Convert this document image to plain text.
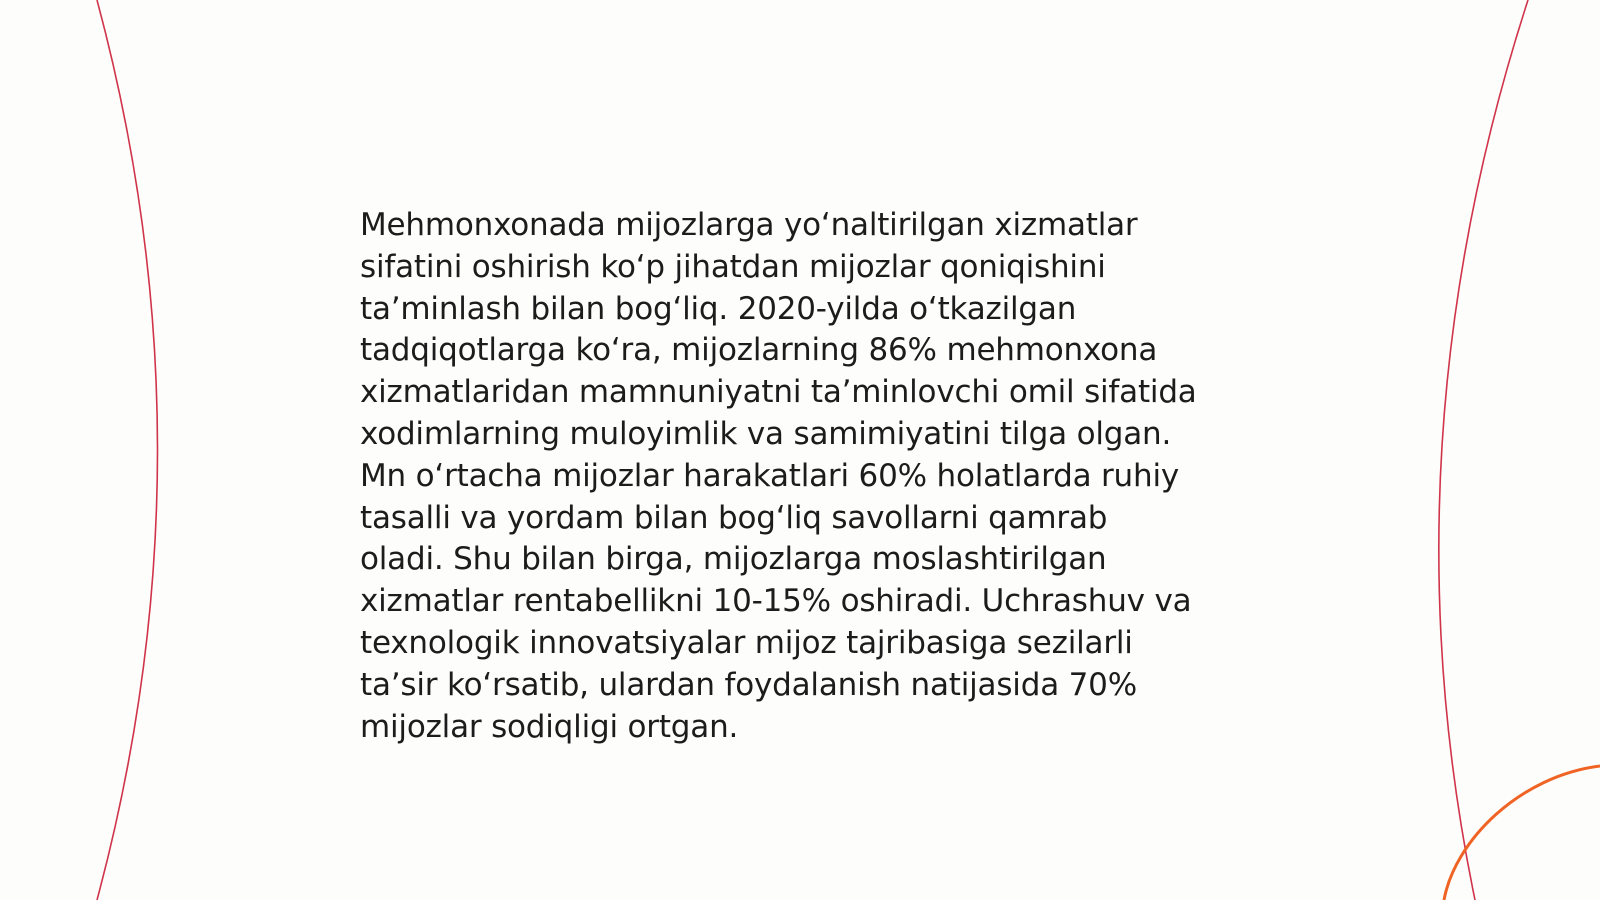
Mehmonxonada mijozlarga yo‘naltirilgan xizmatlar
sifatini oshirish ko‘p jihatdan mijozlar qoniqishini
ta’minlash bilan bog‘liq. 2020-yilda o‘tkazilgan
tadqiqotlarga ko‘ra, mijozlarning 86% mehmonxona
xizmatlaridan mamnuniyatni ta’minlovchi omil sifatida
xodimlarning muloyimlik va samimiyatini tilga olgan.
Mn o‘rtacha mijozlar harakatlari 60% holatlarda ruhiy
tasalli va yordam bilan bog‘liq savollarni qamrab
oladi. Shu bilan birga, mijozlarga moslashtirilgan
xizmatlar rentabellikni 10-15% oshiradi. Uchrashuv va
texnologik innovatsiyalar mijoz tajribasiga sezilarli
ta’sir ko‘rsatib, ulardan foydalanish natijasida 70%
mijozlar sodiqligi ortgan.
